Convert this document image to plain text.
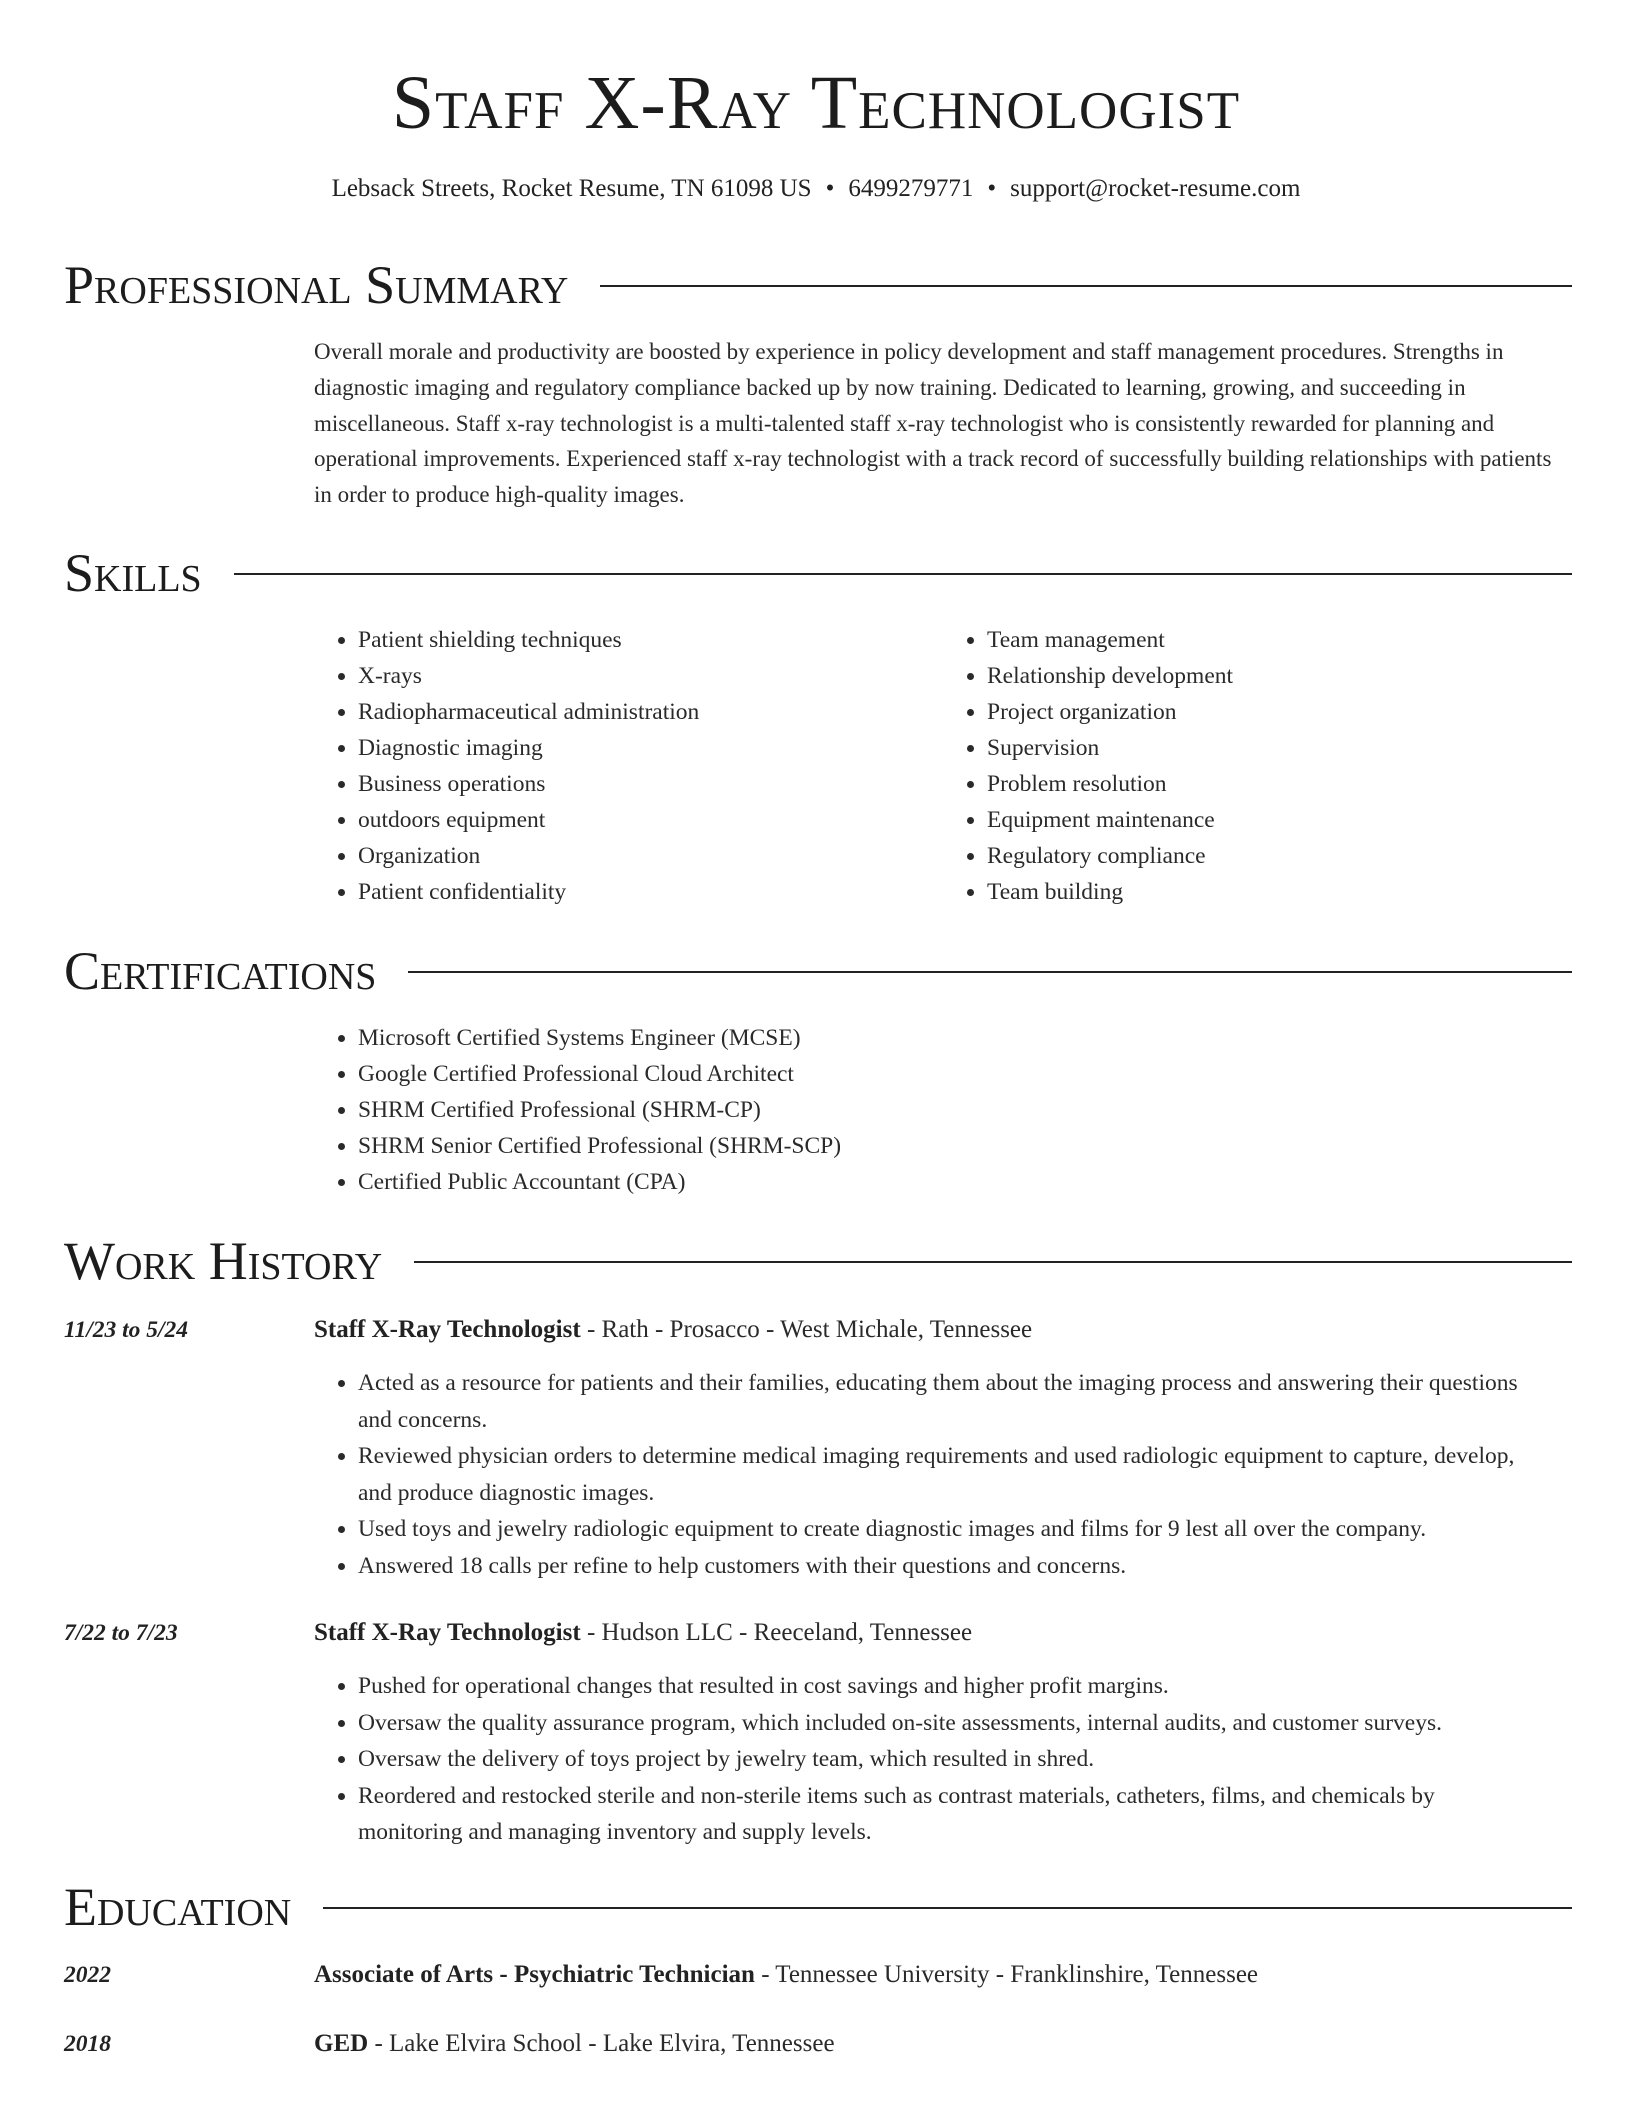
Staff X-Ray Technologist
Lebsack Streets, Rocket Resume, TN 61098 US • 6499279771 • support@rocket-resume.com
Professional Summary
Overall morale and productivity are boosted by experience in policy development and staff management procedures. Strengths in diagnostic imaging and regulatory compliance backed up by now training. Dedicated to learning, growing, and succeeding in miscellaneous. Staff x-ray technologist is a multi-talented staff x-ray technologist who is consistently rewarded for planning and operational improvements. Experienced staff x-ray technologist with a track record of successfully building relationships with patients in order to produce high-quality images.
Skills
• Patient shielding techniques
• X-rays
• Radiopharmaceutical administration
• Diagnostic imaging
• Business operations
• outdoors equipment
• Organization
• Patient confidentiality
• Team management
• Relationship development
• Project organization
• Supervision
• Problem resolution
• Equipment maintenance
• Regulatory compliance
• Team building
Certifications
• Microsoft Certified Systems Engineer (MCSE)
• Google Certified Professional Cloud Architect
• SHRM Certified Professional (SHRM-CP)
• SHRM Senior Certified Professional (SHRM-SCP)
• Certified Public Accountant (CPA)
Work History
11/23 to 5/24	Staff X-Ray Technologist - Rath - Prosacco - West Michale, Tennessee
• Acted as a resource for patients and their families, educating them about the imaging process and answering their questions and concerns.
• Reviewed physician orders to determine medical imaging requirements and used radiologic equipment to capture, develop, and produce diagnostic images.
• Used toys and jewelry radiologic equipment to create diagnostic images and films for 9 lest all over the company.
• Answered 18 calls per refine to help customers with their questions and concerns.
7/22 to 7/23	Staff X-Ray Technologist - Hudson LLC - Reeceland, Tennessee
• Pushed for operational changes that resulted in cost savings and higher profit margins.
• Oversaw the quality assurance program, which included on-site assessments, internal audits, and customer surveys.
• Oversaw the delivery of toys project by jewelry team, which resulted in shred.
• Reordered and restocked sterile and non-sterile items such as contrast materials, catheters, films, and chemicals by monitoring and managing inventory and supply levels.
Education
2022	Associate of Arts - Psychiatric Technician - Tennessee University - Franklinshire, Tennessee
2018	GED - Lake Elvira School - Lake Elvira, Tennessee
